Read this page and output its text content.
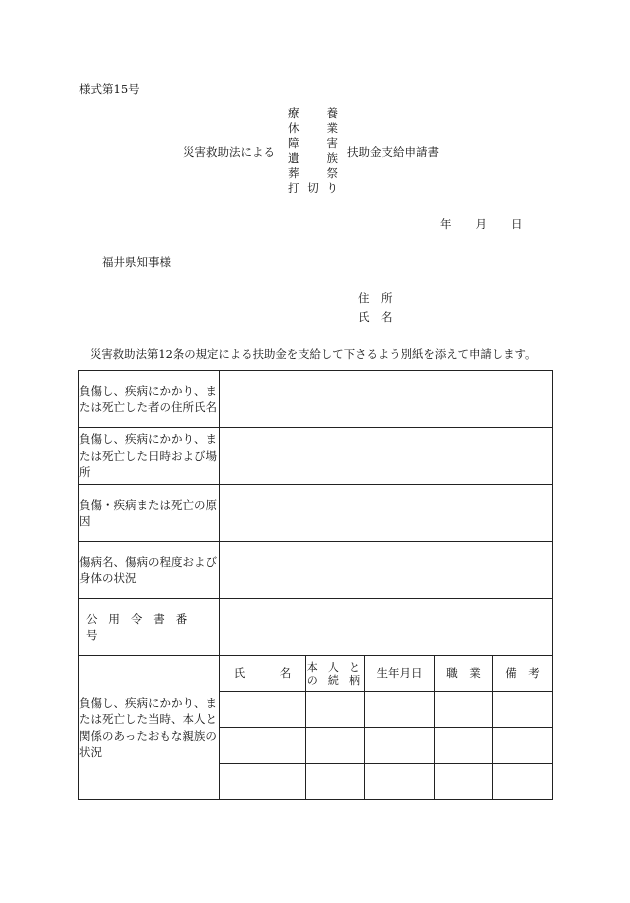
様式第15号
災害救助法による
療 養
休 業
障 害
遺 族
葬 祭
打 切 り
扶助金支給申請書
年 月 日
福井県知事様
住　所
氏　名
災害救助法第12条の規定による扶助金を支給して下さるよう別紙を添えて申請します。
負傷し、疾病にかかり、または死亡した者の住所氏名					
負傷し、疾病にかかり、または死亡した日時および場所					
負傷・疾病または死亡の原因					
傷病名、傷病の程度および身体の状況					
公用令書番号					
負傷し、疾病にかかり、または死亡した当時、本人と関係のあったおもな親族の状況	氏　　　名	本 人 と の 続 柄	生年月日	職　業	備　考
